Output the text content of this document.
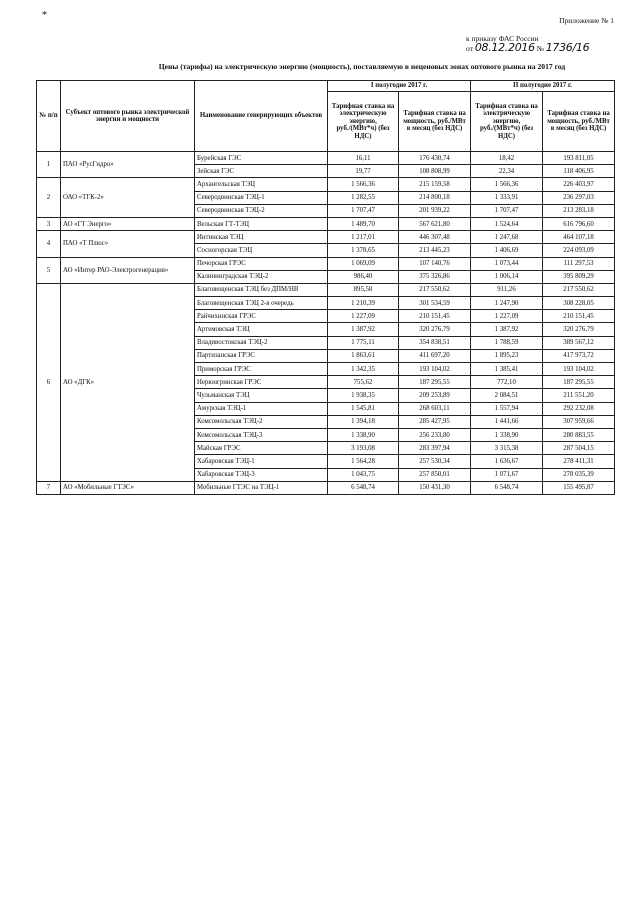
*	Приложение № 1
к приказу ФАС России
от 08.12.2016 № 1736/16
Цены (тарифы) на электрическую энергию (мощность), поставляемую в неценовых зонах оптового рынка на 2017 год
№ п/п	Субъект оптового рынка электрической энергии и мощности	Наименование генерирующих объектов	I полугодие 2017 г.		II полугодие 2017 г.	
			Тарифная ставка на электрическую энергию, руб./(МВт*ч) (без НДС)	Тарифная ставка на мощность, руб./МВт в месяц (без НДС)	Тарифная ставка на электрическую энергию, руб./(МВт*ч) (без НДС)	Тарифная ставка на мощность, руб./МВт в месяц (без НДС)
1	ПАО «РусГидро»	Бурейская ГЭС	16,11	176 430,74	18,42	193 811,05
		Зейская ГЭС	19,77	108 808,99	22,34	118 406,95
2	ОАО «ТГК-2»	Архангельская ТЭЦ	1 566,36	215 159,58	1 566,36	226 403,97
		Северодвинская ТЭЦ-1	1 282,55	214 800,18	1 333,91	236 297,03
		Северодвинская ТЭЦ-2	1 707,47	201 939,22	1 707,47	213 283,18
3	АО «ГТ Энерго»	Вельская ГТ-ТЭЦ	1 489,70	567 621,80	1 524,64	616 796,60
4	ПАО «Т Плюс»	Интинская ТЭЦ	1 217,01	446 307,48	1 247,68	464 107,18
		Сосногорская ТЭЦ	1 378,65	213 445,23	1 406,69	224 093,09
5	АО «Интер РАО-Электрогенерация»	Печорская ГРЭС	1 069,09	107 140,76	1 073,44	111 297,53
		Калининградская ТЭЦ-2	986,40	375 326,86	1 006,14	395 809,29
6	АО «ДГК»	Благовещенская ТЭЦ без ДПМ/НВ	895,58	217 550,62	911,26	217 550,62
		Благовещенская ТЭЦ 2-я очередь	1 210,39	301 534,59	1 247,90	308 228,05
		Райчихинская ГРЭС	1 227,09	210 151,45	1 227,09	210 151,45
		Артемовская ТЭЦ	1 387,92	320 276,79	1 387,92	320 276,79
		Владивостокская ТЭЦ-2	1 775,11	354 838,51	1 788,59	389 567,12
		Партизанская ГРЭС	1 863,61	411 697,20	1 895,23	417 973,72
		Приморская ГРЭС	1 342,35	193 104,02	1 385,41	193 104,02
		Нерюнгринская ГРЭС	755,62	187 295,55	772,10	187 295,55
		Чульманская ТЭЦ	1 938,35	209 253,89	2 084,51	211 551,20
		Амурская ТЭЦ-1	1 545,81	268 603,11	1 557,94	292 232,08
		Комсомольская ТЭЦ-2	1 394,18	285 427,95	1 441,66	307 959,66
		Комсомольская ТЭЦ-3	1 338,90	256 233,80	1 338,90	280 883,55
		Майская ГРЭС	3 193,08	283 397,94	3 315,38	287 504,15
		Хабаровская ТЭЦ-1	1 564,28	257 530,34	1 636,67	278 411,31
		Хабаровская ТЭЦ-3	1 043,75	257 850,01	1 071,67	278 035,39
7	АО «Мобильные ГТЭС»	Мобильные ГТЭС на ТЭЦ-1	6 548,74	150 431,30	6 548,74	155 495,87
